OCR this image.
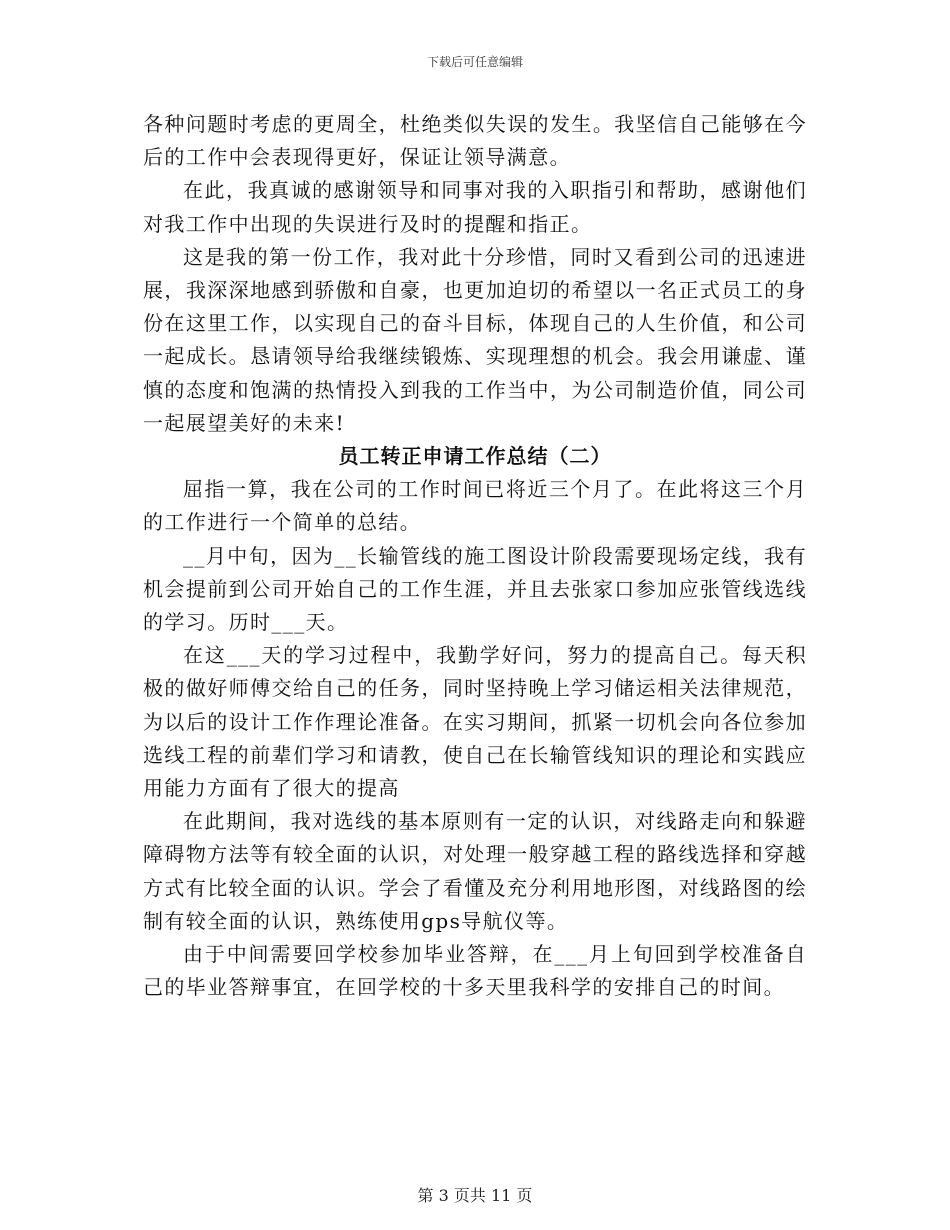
下载后可任意编辑

各种问题时考虑的更周全，杜绝类似失误的发生。我坚信自己能够在今后的工作中会表现得更好，保证让领导满意。

在此，我真诚的感谢领导和同事对我的入职指引和帮助，感谢他们对我工作中出现的失误进行及时的提醒和指正。

这是我的第一份工作，我对此十分珍惜，同时又看到公司的迅速进展，我深深地感到骄傲和自豪，也更加迫切的希望以一名正式员工的身份在这里工作，以实现自己的奋斗目标，体现自己的人生价值，和公司一起成长。恳请领导给我继续锻炼、实现理想的机会。我会用谦虚、谨慎的态度和饱满的热情投入到我的工作当中，为公司制造价值，同公司一起展望美好的未来!

员工转正申请工作总结（二）

屈指一算，我在公司的工作时间已将近三个月了。在此将这三个月的工作进行一个简单的总结。

__月中旬，因为__长输管线的施工图设计阶段需要现场定线，我有机会提前到公司开始自己的工作生涯，并且去张家口参加应张管线选线的学习。历时___天。

在这___天的学习过程中，我勤学好问，努力的提高自己。每天积极的做好师傅交给自己的任务，同时坚持晚上学习储运相关法律规范，为以后的设计工作作理论准备。在实习期间，抓紧一切机会向各位参加选线工程的前辈们学习和请教，使自己在长输管线知识的理论和实践应用能力方面有了很大的提高

在此期间，我对选线的基本原则有一定的认识，对线路走向和躲避障碍物方法等有较全面的认识，对处理一般穿越工程的路线选择和穿越方式有比较全面的认识。学会了看懂及充分利用地形图，对线路图的绘制有较全面的认识，熟练使用gps导航仪等。

由于中间需要回学校参加毕业答辩，在___月上旬回到学校准备自己的毕业答辩事宜，在回学校的十多天里我科学的安排自己的时间。

第 3 页共 11 页
